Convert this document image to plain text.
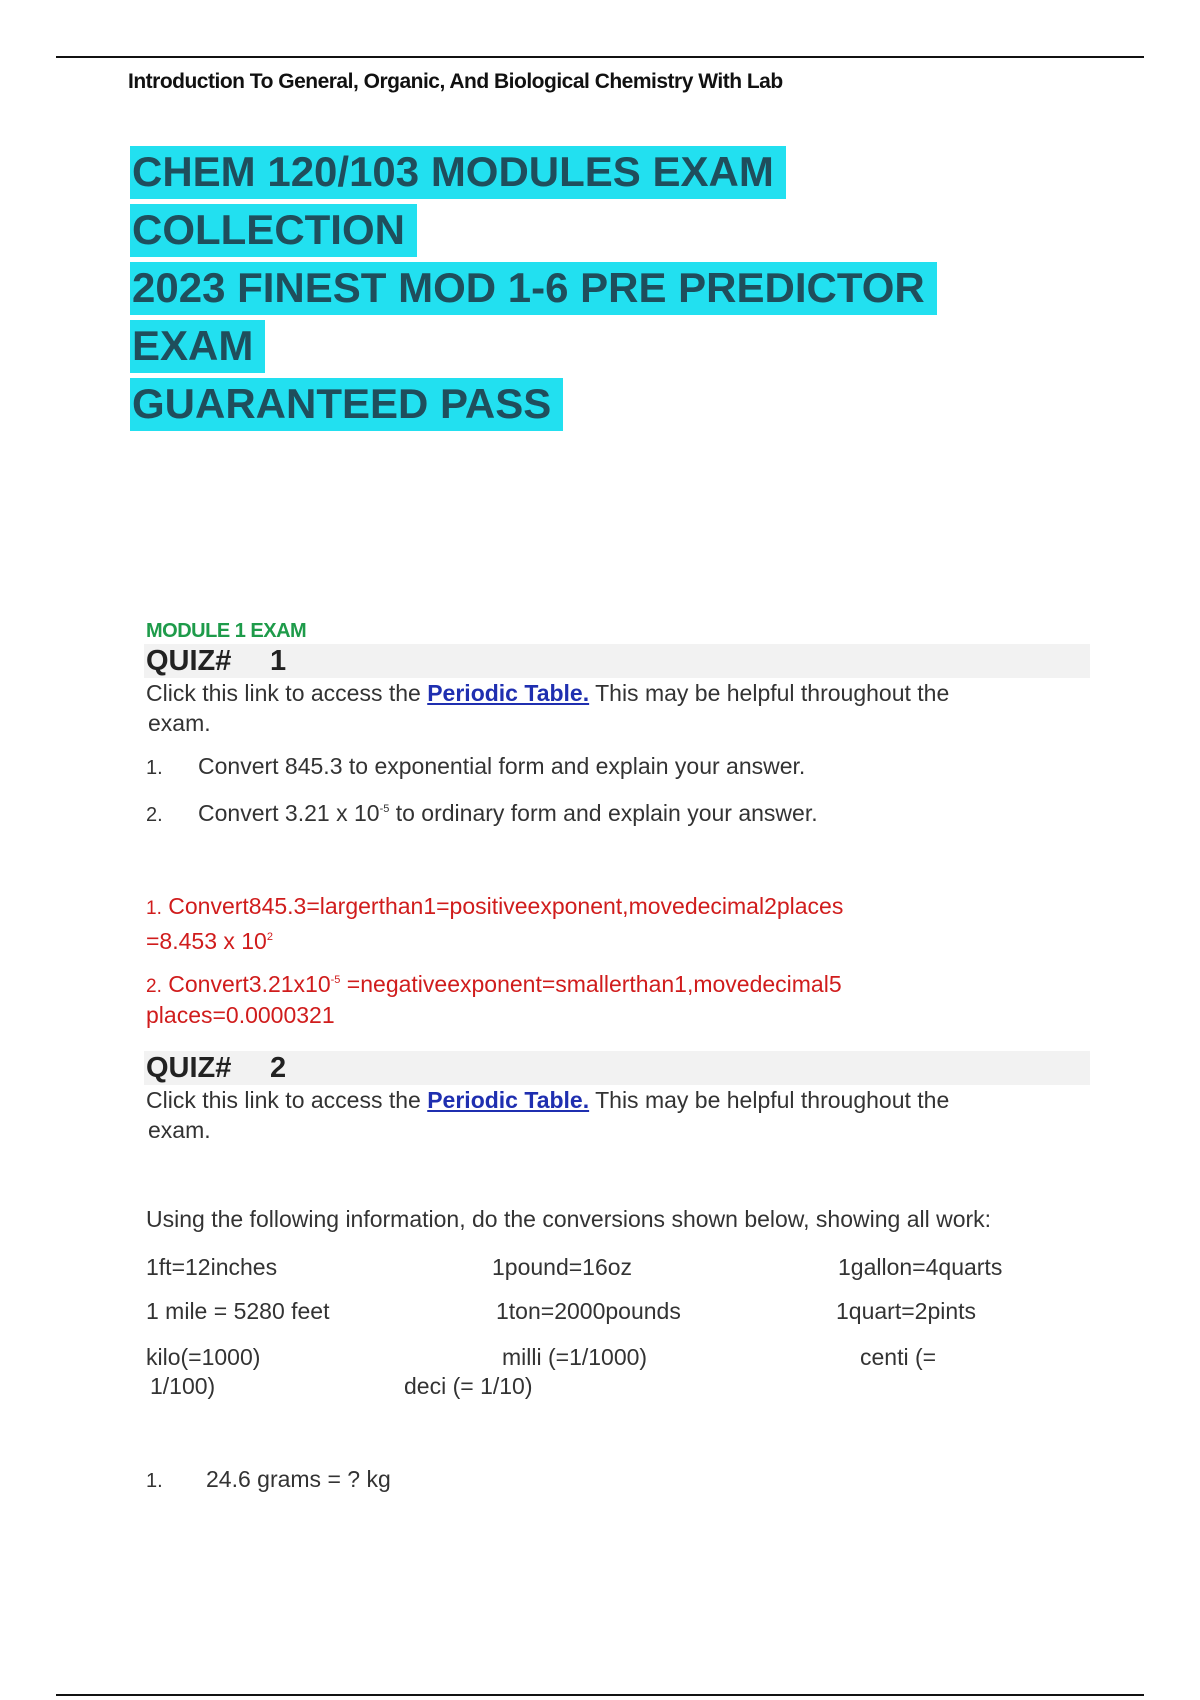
Introduction To General, Organic, And Biological Chemistry With Lab
CHEM 120/103 MODULES EXAM COLLECTION
2023 FINEST MOD 1-6 PRE PREDICTOR EXAM
GUARANTEED PASS
MODULE 1 EXAM
QUIZ# 1
Click this link to access the Periodic Table. This may be helpful throughout the
exam.
1. Convert 845.3 to exponential form and explain your answer.
2. Convert 3.21 x $10^{-5}$ to ordinary form and explain your answer.
1. Convert845.3=largerthan1=positiveexponent,movedecimal2places
=8.453 x $10^2$
2. $Convert3.21x10^{-5}$ =negativeexponent=smallerthan1,movedecimal5
places=0.0000321
QUIZ# 2
Click this link to access the Periodic Table. This may be helpful throughout the
exam.
Using the following information, do the conversions shown below, showing all work:
1ft=12inches	1pound=16oz	1gallon=4quarts
1 mile = 5280 feet	1ton=2000pounds	1quart=2pints
kilo(=1000)	milli (=1/1000)	centi (=
1/100)	deci (= 1/10)
1. 24.6 grams = ? kg
